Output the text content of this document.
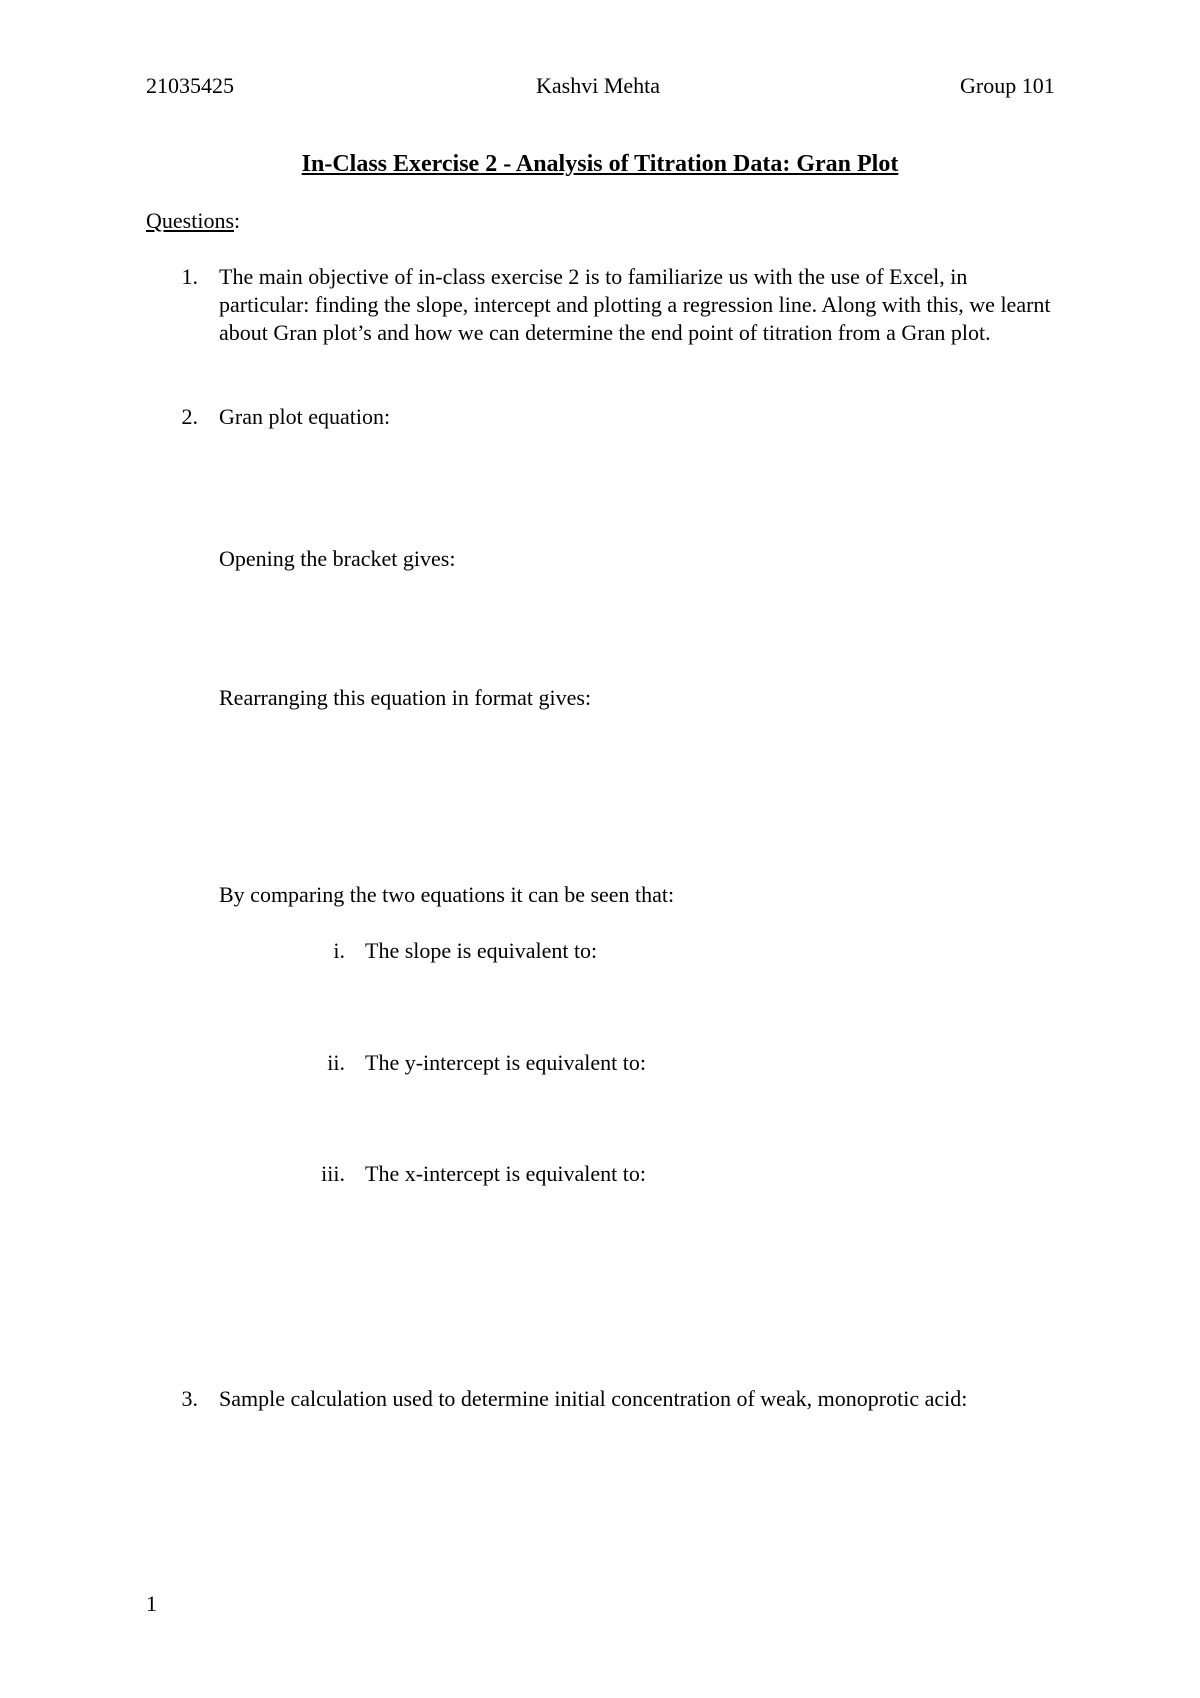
21035425	Kashvi Mehta	Group 101
In-Class Exercise 2 - Analysis of Titration Data: Gran Plot
Questions:
1. The main objective of in-class exercise 2 is to familiarize us with the use of Excel, in particular: finding the slope, intercept and plotting a regression line. Along with this, we learnt about Gran plot’s and how we can determine the end point of titration from a Gran plot.
2. Gran plot equation:
Opening the bracket gives:
Rearranging this equation in format gives:
By comparing the two equations it can be seen that:
i. The slope is equivalent to:
ii. The y-intercept is equivalent to:
iii. The x-intercept is equivalent to:
3. Sample calculation used to determine initial concentration of weak, monoprotic acid:
1
